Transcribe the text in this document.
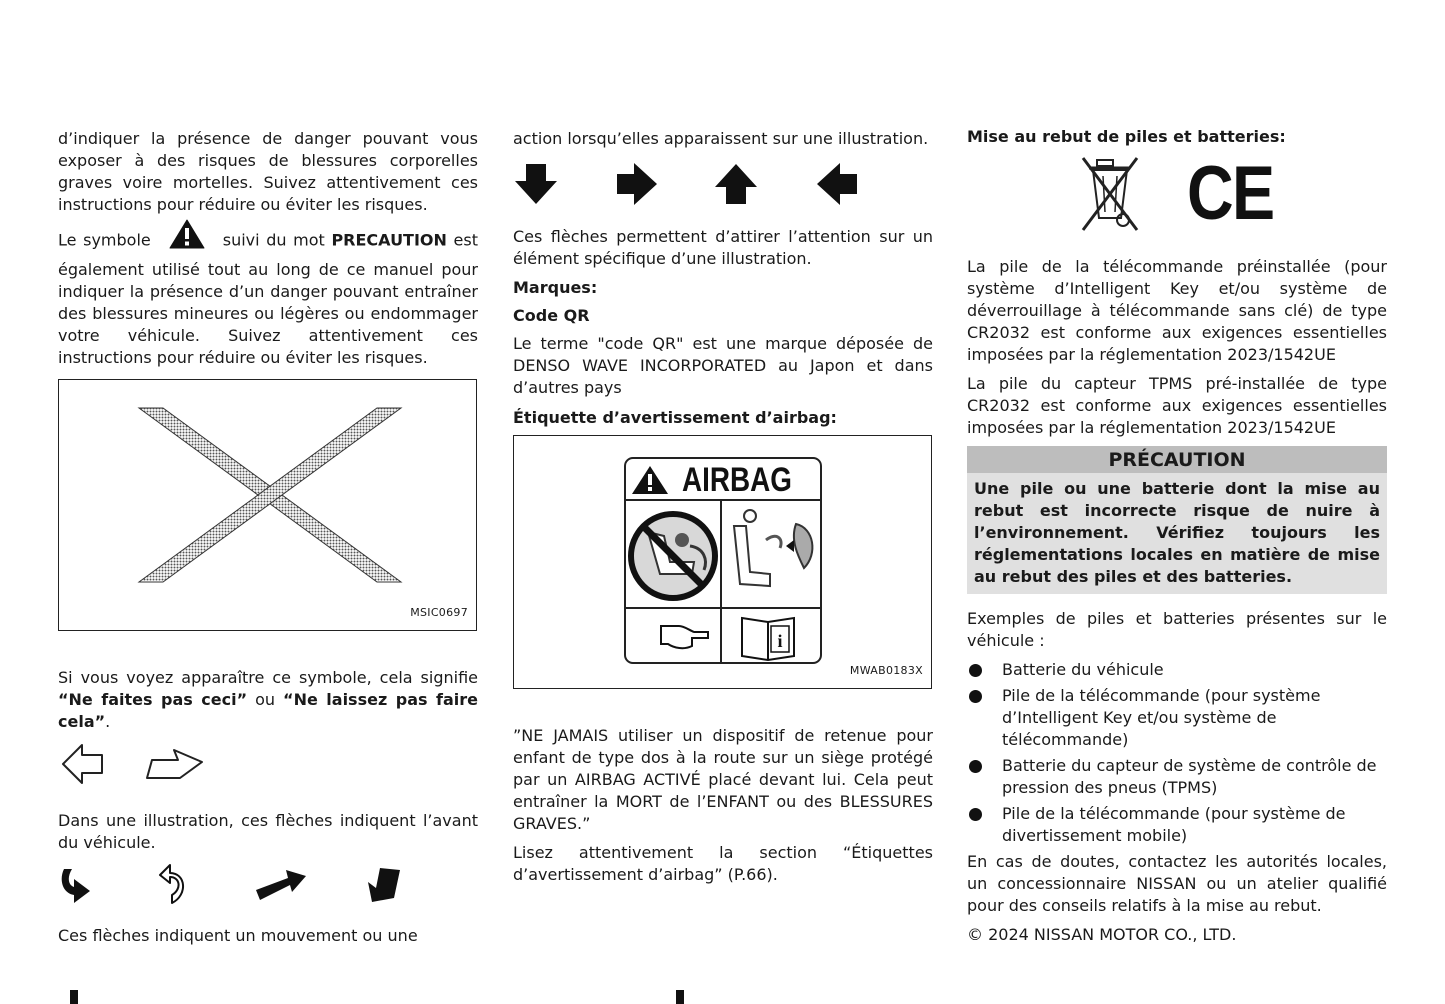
d’indiquer la présence de danger pouvant vous exposer à des risques de blessures corporelles graves voire mortelles. Suivez attentivement ces instructions pour réduire ou éviter les risques.

Le symbole	suivi du mot PRECAUTION est également utilisé tout au long de ce manuel pour indiquer la présence d’un danger pouvant entraîner des blessures mineures ou légères ou endommager votre véhicule. Suivez attentivement ces instructions pour réduire ou éviter les risques.

MSIC0697

Si vous voyez apparaître ce symbole, cela signifie “Ne faites pas ceci” ou “Ne laissez pas faire cela”.

Dans une illustration, ces flèches indiquent l’avant du véhicule.

Ces flèches indiquent un mouvement ou une

action lorsqu’elles apparaissent sur une illustration.

Ces flèches permettent d’attirer l’attention sur un élément spécifique d’une illustration.

Marques:

Code QR

Le terme "code QR" est une marque déposée de DENSO WAVE INCORPORATED au Japon et dans d’autres pays

Étiquette d’avertissement d’airbag:

i
AIRBAG
MWAB0183X

”NE JAMAIS utiliser un dispositif de retenue pour enfant de type dos à la route sur un siège protégé par un AIRBAG ACTIVÉ placé devant lui. Cela peut entraîner la MORT de l’ENFANT ou des BLESSURES GRAVES.”

Lisez attentivement la section “Étiquettes d’avertissement d’airbag” (P.66).

Mise au rebut de piles et batteries:

CE

La pile de la télécommande préinstallée (pour système d’Intelligent Key et/ou système de déverrouillage à télécommande sans clé) de type CR2032 est conforme aux exigences essentielles imposées par la réglementation 2023/1542UE

La pile du capteur TPMS pré-installée de type CR2032 est conforme aux exigences essentielles imposées par la réglementation 2023/1542UE

PRÉCAUTION
Une pile ou une batterie dont la mise au rebut est incorrecte risque de nuire à l’environnement. Vérifiez toujours les réglementations locales en matière de mise au rebut des piles et des batteries.

Exemples de piles et batteries présentes sur le véhicule :

Batterie du véhicule
Pile de la télécommande (pour système d’Intelligent Key et/ou système de télécommande)
Batterie du capteur de système de contrôle de pression des pneus (TPMS)
Pile de la télécommande (pour système de divertissement mobile)

En cas de doutes, contactez les autorités locales, un concessionnaire NISSAN ou un atelier qualifié pour des conseils relatifs à la mise au rebut.

© 2024 NISSAN MOTOR CO., LTD.
